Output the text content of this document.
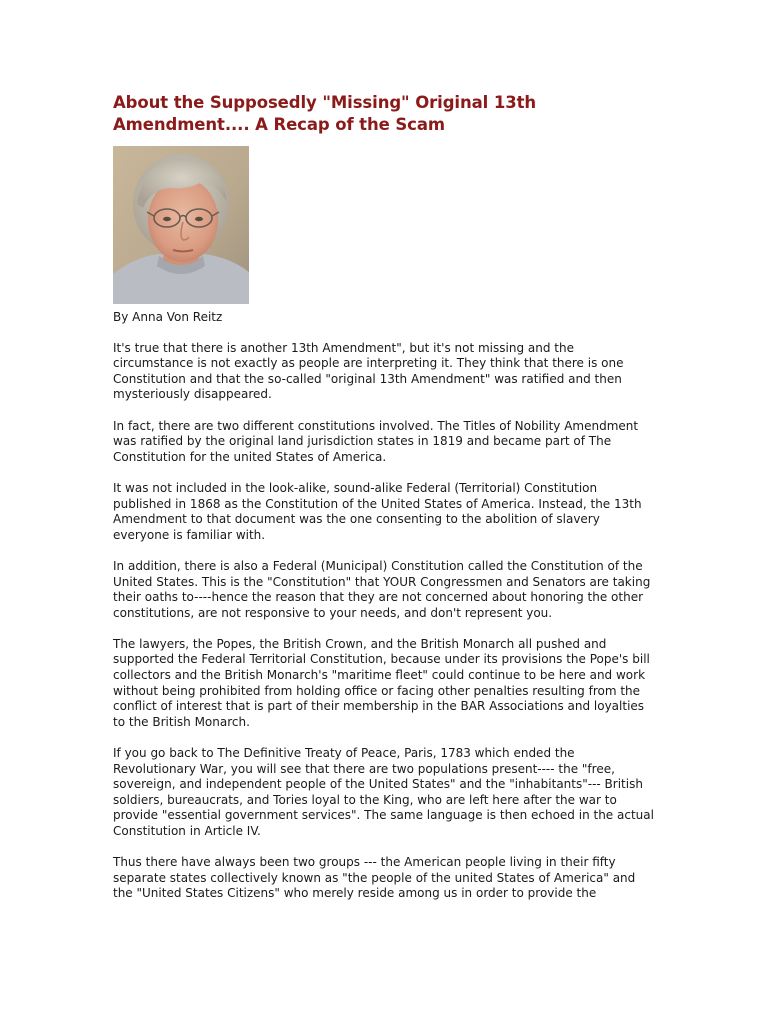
About the Supposedly "Missing" Original 13th Amendment.... A Recap of the Scam

By Anna Von Reitz

It's true that there is another 13th Amendment", but it's not missing and the circumstance is not exactly as people are interpreting it. They think that there is one Constitution and that the so-called "original 13th Amendment" was ratified and then mysteriously disappeared.

In fact, there are two different constitutions involved. The Titles of Nobility Amendment was ratified by the original land jurisdiction states in 1819 and became part of The Constitution for the united States of America.

It was not included in the look-alike, sound-alike Federal (Territorial) Constitution published in 1868 as the Constitution of the United States of America. Instead, the 13th Amendment to that document was the one consenting to the abolition of slavery everyone is familiar with.

In addition, there is also a Federal (Municipal) Constitution called the Constitution of the United States. This is the "Constitution" that YOUR Congressmen and Senators are taking their oaths to----hence the reason that they are not concerned about honoring the other constitutions, are not responsive to your needs, and don't represent you.

The lawyers, the Popes, the British Crown, and the British Monarch all pushed and supported the Federal Territorial Constitution, because under its provisions the Pope's bill collectors and the British Monarch's "maritime fleet" could continue to be here and work without being prohibited from holding office or facing other penalties resulting from the conflict of interest that is part of their membership in the BAR Associations and loyalties to the British Monarch.

If you go back to The Definitive Treaty of Peace, Paris, 1783 which ended the Revolutionary War, you will see that there are two populations present---- the "free, sovereign, and independent people of the United States" and the "inhabitants"--- British soldiers, bureaucrats, and Tories loyal to the King, who are left here after the war to provide "essential government services". The same language is then echoed in the actual Constitution in Article IV.

Thus there have always been two groups --- the American people living in their fifty separate states collectively known as "the people of the united States of America" and the "United States Citizens" who merely reside among us in order to provide the
